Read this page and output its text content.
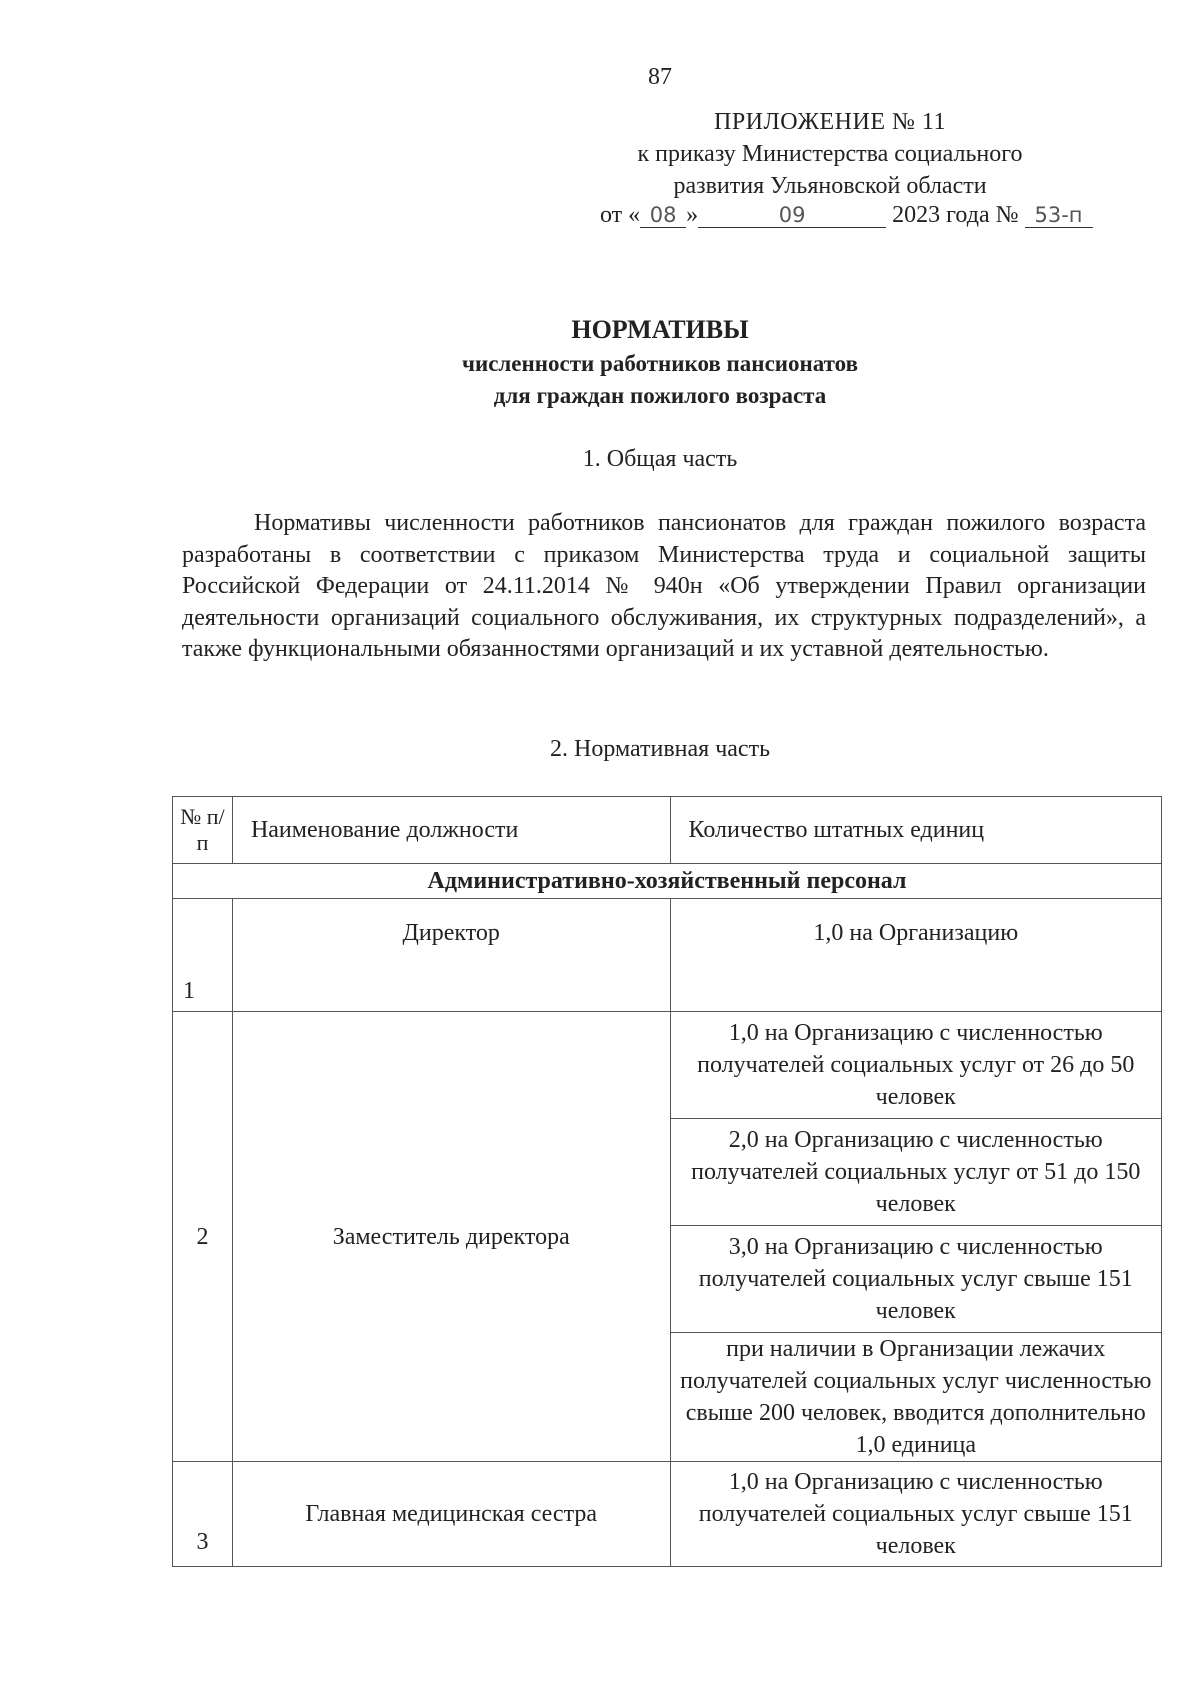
87
ПРИЛОЖЕНИЕ № 11
к приказу Министерства социального
развития Ульяновской области
от « 08 »	09	2023 года № 53-п
НОРМАТИВЫ
численности работников пансионатов
для граждан пожилого возраста
1. Общая часть
Нормативы численности работников пансионатов для граждан пожилого возраста разработаны в соответствии с приказом Министерства труда и социальной защиты Российской Федерации от 24.11.2014 № 940н «Об утверждении Правил организации деятельности организаций социального обслуживания, их структурных подразделений», а также функциональными обязанностями организаций и их уставной деятельностью.
2. Нормативная часть
№ п/п	Наименование должности	Количество штатных единиц
Административно-хозяйственный персонал		
1	Директор	1,0 на Организацию
2	Заместитель директора	1,0 на Организацию с численностью получателей социальных услуг от 26 до 50 человек
		2,0 на Организацию с численностью получателей социальных услуг от 51 до 150 человек
		3,0 на Организацию с численностью получателей социальных услуг свыше 151 человек
		при наличии в Организации лежачих получателей социальных услуг численностью свыше 200 человек, вводится дополнительно 1,0 единица
3	Главная медицинская сестра	1,0 на Организацию с численностью получателей социальных услуг свыше 151 человек
